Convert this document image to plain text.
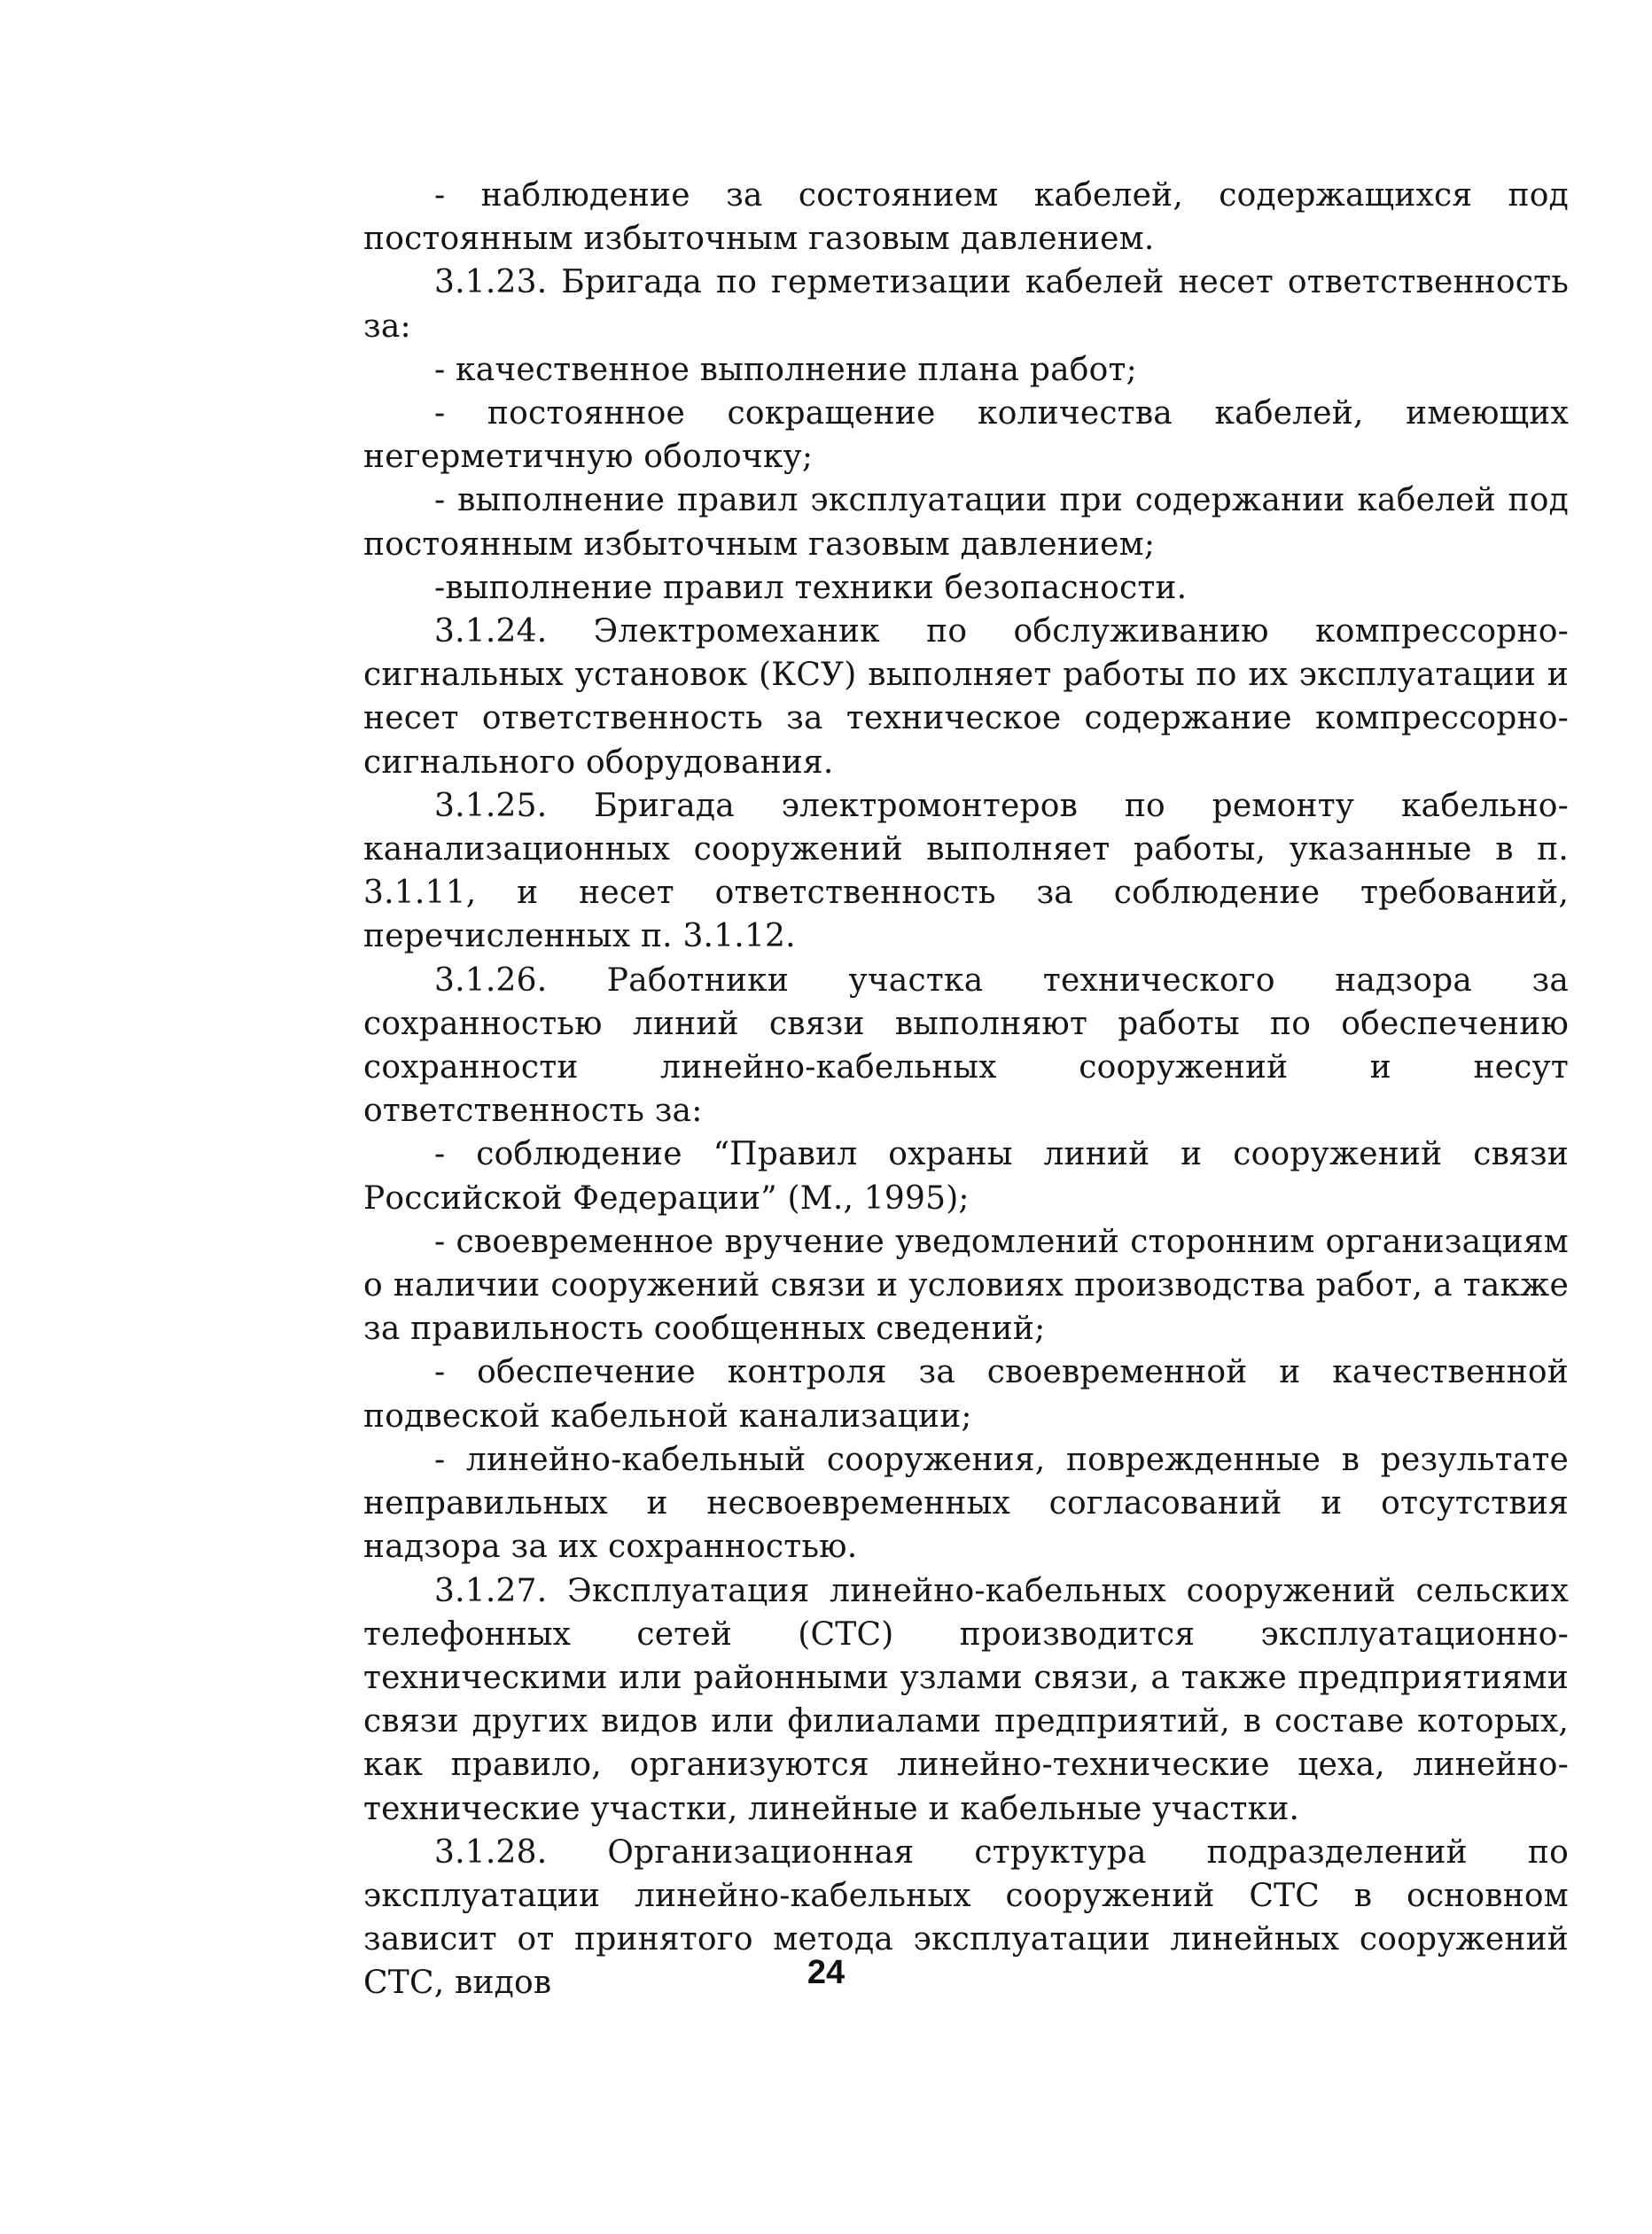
- наблюдение за состоянием кабелей, содержащихся под постоянным избыточным газовым давлением.

3.1.23. Бригада по герметизации кабелей несет ответственность за:

- качественное выполнение плана работ;

- постоянное сокращение количества кабелей, имеющих негерметичную оболочку;

- выполнение правил эксплуатации при содержании кабелей под постоянным избыточным газовым давлением;

-выполнение правил техники безопасности.

3.1.24. Электромеханик по обслуживанию компрессорно-сигнальных установок (КСУ) выполняет работы по их эксплуатации и несет ответственность за техническое содержание компрессорно-сигнального оборудования.

3.1.25. Бригада электромонтеров по ремонту кабельно-канализационных сооружений выполняет работы, указанные в п. 3.1.11, и несет ответственность за соблюдение требований, перечисленных п. 3.1.12.

3.1.26. Работники участка технического надзора за сохранностью линий связи выполняют работы по обеспечению сохранности линейно-кабельных сооружений и несут ответственность за:

- соблюдение “Правил охраны линий и сооружений связи Российской Федерации” (М., 1995);

- своевременное вручение уведомлений сторонним организациям о наличии сооружений связи и условиях производства работ, а также за правильность сообщенных сведений;

- обеспечение контроля за своевременной и качественной подвеской кабельной канализации;

- линейно-кабельный сооружения, поврежденные в результате неправильных и несвоевременных согласований и отсутствия надзора за их сохранностью.

3.1.27. Эксплуатация линейно-кабельных сооружений сельских телефонных сетей (СТС) производится эксплуатационно-техническими или районными узлами связи, а также предприятиями связи других видов или филиалами предприятий, в составе которых, как правило, организуются линейно-технические цеха, линейно-технические участки, линейные и кабельные участки.

3.1.28. Организационная структура подразделений по эксплуатации линейно-кабельных сооружений СТС в основном зависит от принятого метода эксплуатации линейных сооружений СТС, видов	24
